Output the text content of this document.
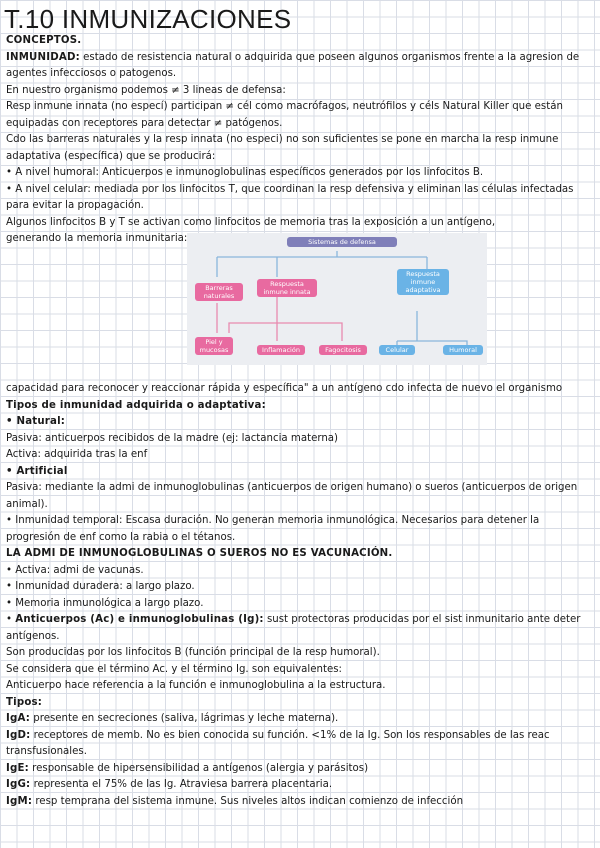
T.10 INMUNIZACIONES

CONCEPTOS.

INMUNIDAD: estado de resistencia natural o adquirida que poseen algunos organismos frente a la agresion de agentes infecciosos o patogenos.

En nuestro organismo podemos ≠ 3 lineas de defensa:

Resp inmune innata (no especí) participan ≠ cél como macrófagos, neutrófilos y céls Natural Killer que están equipadas con receptores para detectar ≠ patógenos.

Cdo las barreras naturales y la resp innata (no especi) no son suficientes se pone en marcha la resp inmune adaptativa (específica) que se producirá:

• A nivel humoral: Anticuerpos e inmunoglobulinas específicos generados por los linfocitos B.

• A nivel celular: mediada por los linfocitos T, que coordinan la resp defensiva y eliminan las células infectadas para evitar la propagación.

Algunos linfocitos B y T se activan como linfocitos de memoria tras la exposición a un antígeno,

generando la memoria inmunitaria:	Sistemas de defensa
Barreras naturales
Respuesta inmune innata
Respuesta inmune adaptativa
Piel y mucosas	Inflamación	Fagocitosis	Celular	Humoral

capacidad para reconocer y reaccionar rápida y específica" a un antígeno cdo infecta de nuevo el organismo

Tipos de inmunidad adquirida o adaptativa:

• Natural:

Pasiva: anticuerpos recibidos de la madre (ej: lactancia materna)

Activa: adquirida tras la enf

• Artificial

Pasiva: mediante la admi de inmunoglobulinas (anticuerpos de origen humano) o sueros (anticuerpos de origen animal).

• Inmunidad temporal: Escasa duración. No generan memoria inmunológica. Necesarios para detener la progresión de enf como la rabia o el tétanos.

LA ADMI DE INMUNOGLOBULINAS O SUEROS NO ES VACUNACIÓN.

• Activa: admi de vacunas.

• Inmunidad duradera: a largo plazo.

• Memoria inmunológica a largo plazo.

• Anticuerpos (Ac) e inmunoglobulinas (Ig): sust protectoras producidas por el sist inmunitario ante deter antígenos.

Son producidas por los linfocitos B (función principal de la resp humoral).

Se considera que el término Ac. y el término Ig. son equivalentes:

Anticuerpo hace referencia a la función e inmunoglobulina a la estructura.

Tipos:

IgA: presente en secreciones (saliva, lágrimas y leche materna).

IgD: receptores de memb. No es bien conocida su función. <1% de la Ig. Son los responsables de las reac transfusionales.

IgE: responsable de hipersensibilidad a antígenos (alergia y parásitos)

IgG: representa el 75% de las Ig. Atraviesa barrera placentaria.

IgM: resp temprana del sistema inmune. Sus niveles altos indican comienzo de infección
